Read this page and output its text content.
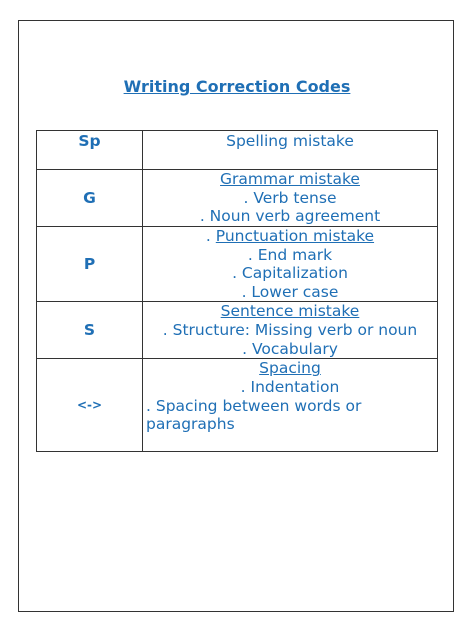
Writing Correction Codes
Sp	Spelling mistake

G	Grammar mistake
. Verb tense
. Noun verb agreement

P	. Punctuation mistake
. End mark
. Capitalization
. Lower case

S	Sentence mistake
. Structure: Missing verb or noun
. Vocabulary

<->	Spacing
. Indentation
. Spacing between words or paragraphs
